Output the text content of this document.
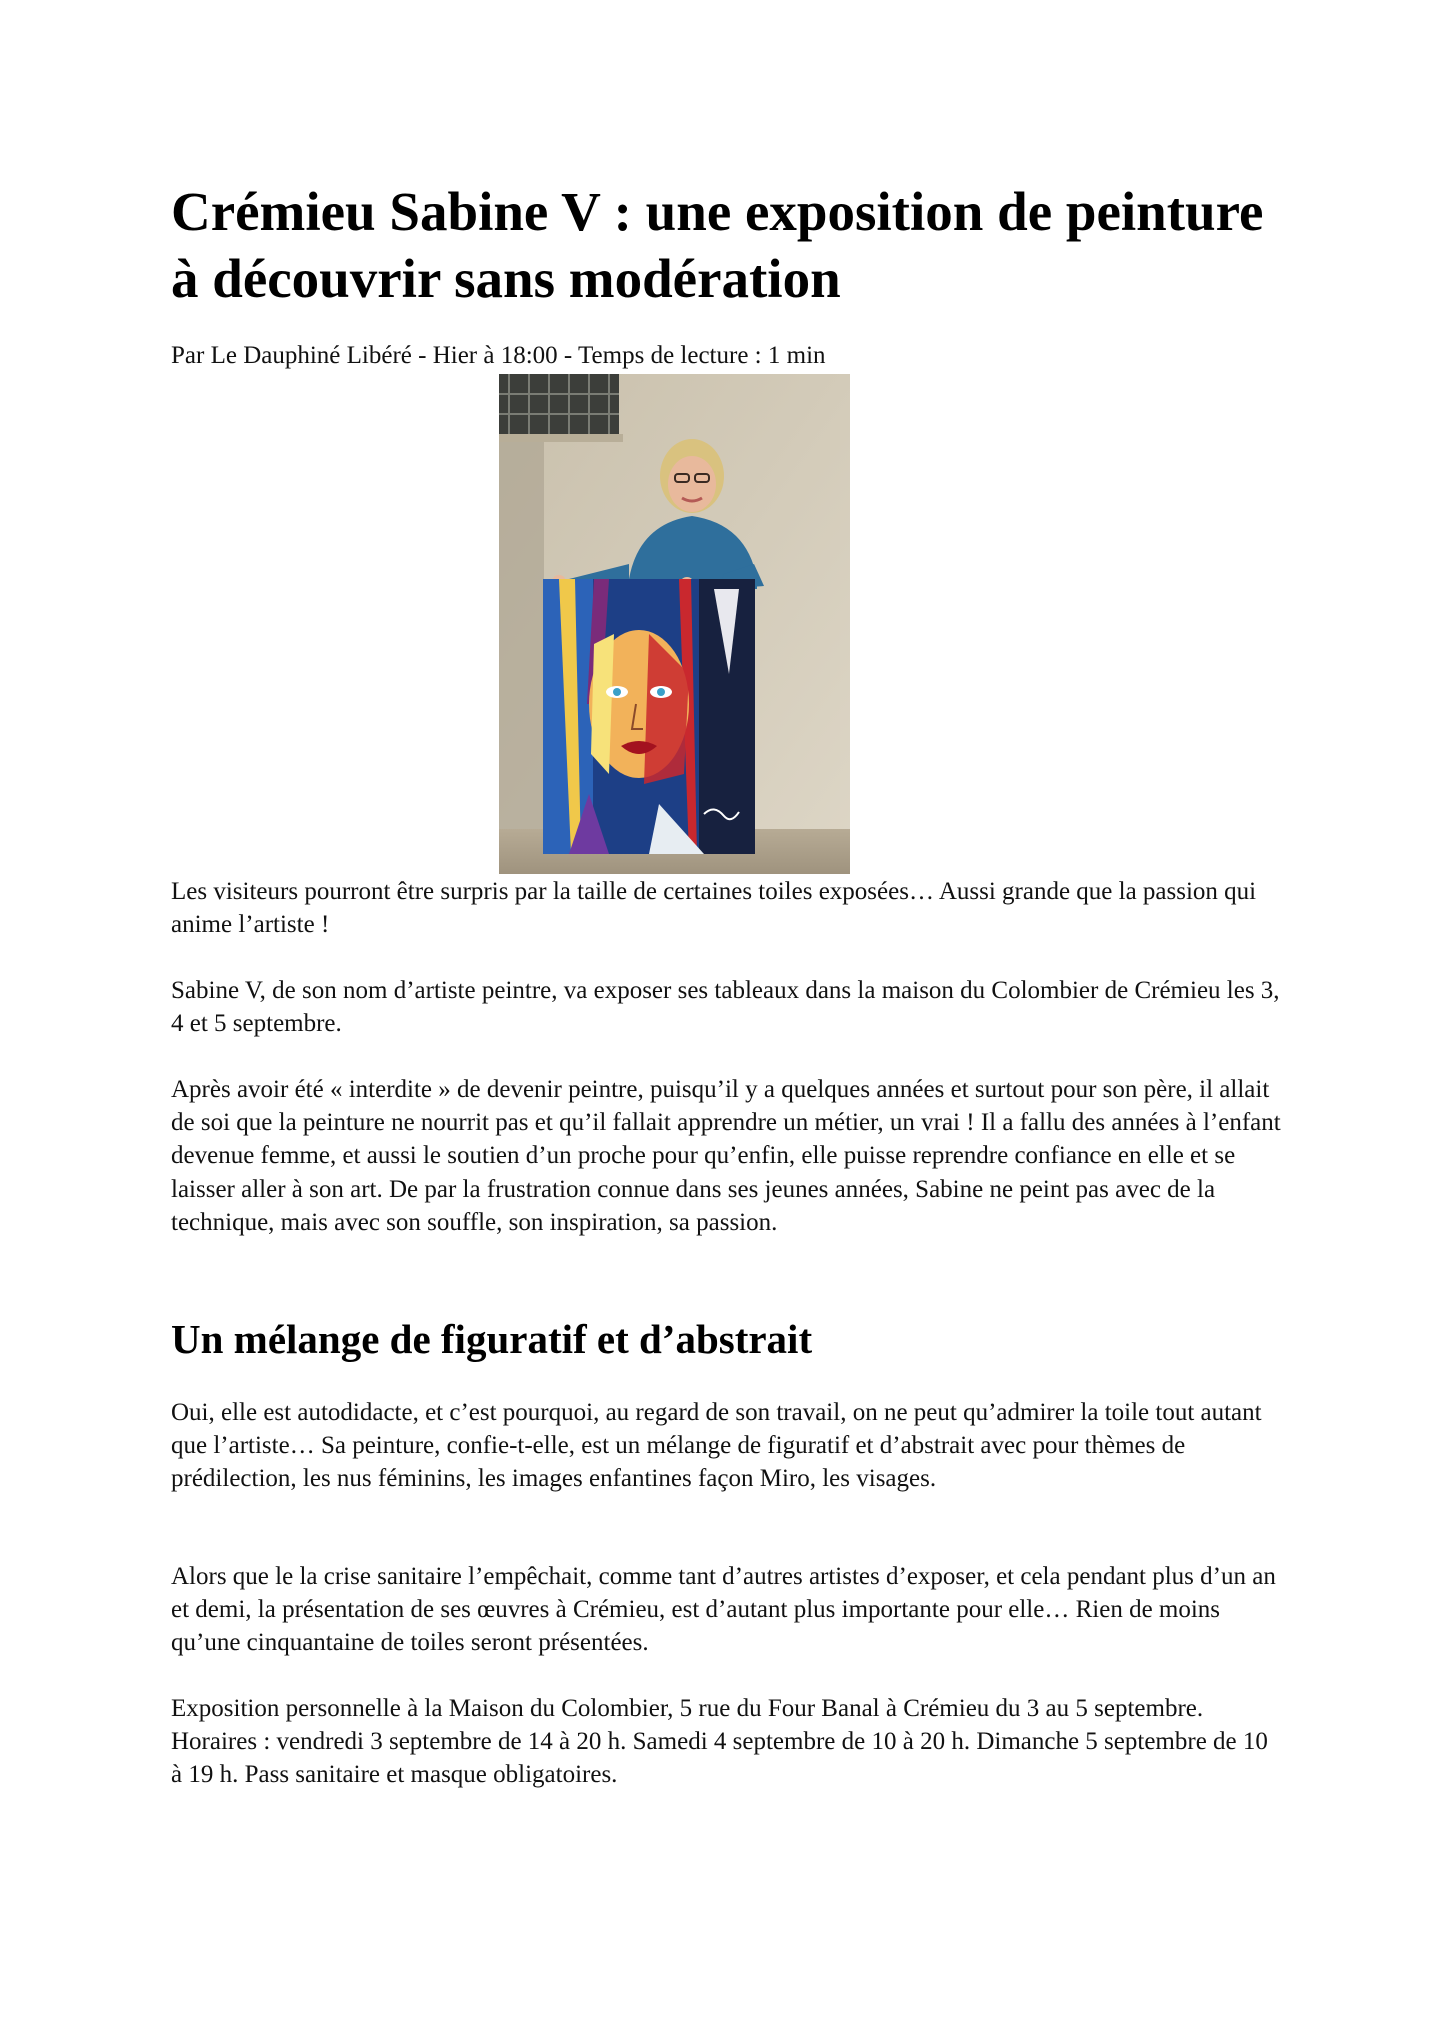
Crémieu Sabine V : une exposition de peinture à découvrir sans modération

Par Le Dauphiné Libéré - Hier à 18:00 - Temps de lecture : 1 min

Les visiteurs pourront être surpris par la taille de certaines toiles exposées… Aussi grande que la passion qui anime l’artiste !

Sabine V, de son nom d’artiste peintre, va exposer ses tableaux dans la maison du Colombier de Crémieu les 3, 4 et 5 septembre.

Après avoir été « interdite » de devenir peintre, puisqu’il y a quelques années et surtout pour son père, il allait de soi que la peinture ne nourrit pas et qu’il fallait apprendre un métier, un vrai ! Il a fallu des années à l’enfant devenue femme, et aussi le soutien d’un proche pour qu’enfin, elle puisse reprendre confiance en elle et se laisser aller à son art. De par la frustration connue dans ses jeunes années, Sabine ne peint pas avec de la technique, mais avec son souffle, son inspiration, sa passion.

Un mélange de figuratif et d’abstrait

Oui, elle est autodidacte, et c’est pourquoi, au regard de son travail, on ne peut qu’admirer la toile tout autant que l’artiste… Sa peinture, confie-t-elle, est un mélange de figuratif et d’abstrait avec pour thèmes de prédilection, les nus féminins, les images enfantines façon Miro, les visages.

Alors que le la crise sanitaire l’empêchait, comme tant d’autres artistes d’exposer, et cela pendant plus d’un an et demi, la présentation de ses œuvres à Crémieu, est d’autant plus importante pour elle… Rien de moins qu’une cinquantaine de toiles seront présentées.

Exposition personnelle à la Maison du Colombier, 5 rue du Four Banal à Crémieu du 3 au 5 septembre. Horaires : vendredi 3 septembre de 14 à 20 h. Samedi 4 septembre de 10 à 20 h. Dimanche 5 septembre de 10 à 19 h. Pass sanitaire et masque obligatoires.
